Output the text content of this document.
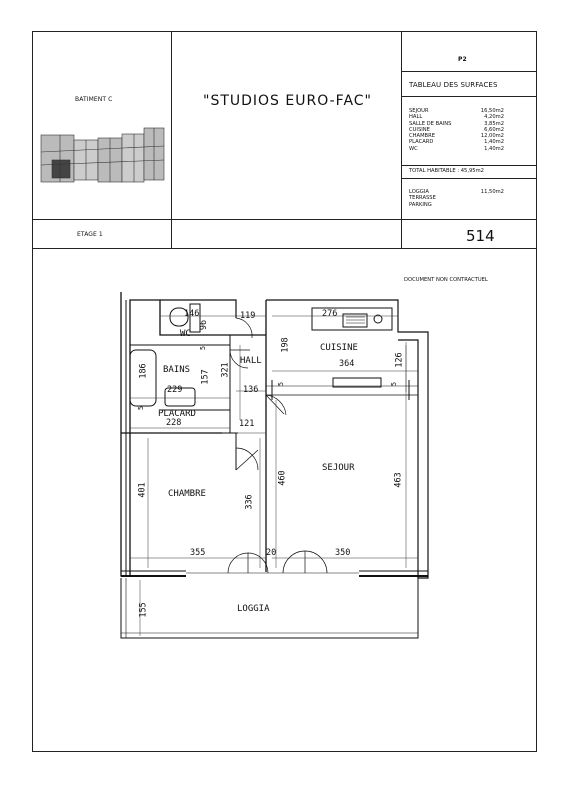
BATIMENT C	"STUDIOS EURO-FAC"
ETAGE 1
P2
TABLEAU DES SURFACES
SEJOUR	16,50m2
HALL	4,20m2
SALLE DE BAINS	3,85m2
CUISINE	6,60m2
CHAMBRE	12,00m2
PLACARD	1,40m2
WC	1,40m2
TOTAL HABITABLE : 45,95m2
LOGGIA	11,50m2
TERRASSE
PARKING
514
DOCUMENT NON CONTRACTUEL
WC
BAINS
HALL
CUISINE
PLACARD
SEJOUR
CHAMBRE
LOGGIA
146
96
119	276
198
364	126
186	157 321
229	136
228	121
401
336
460	463
355	20	350
155
5
5	5
5
